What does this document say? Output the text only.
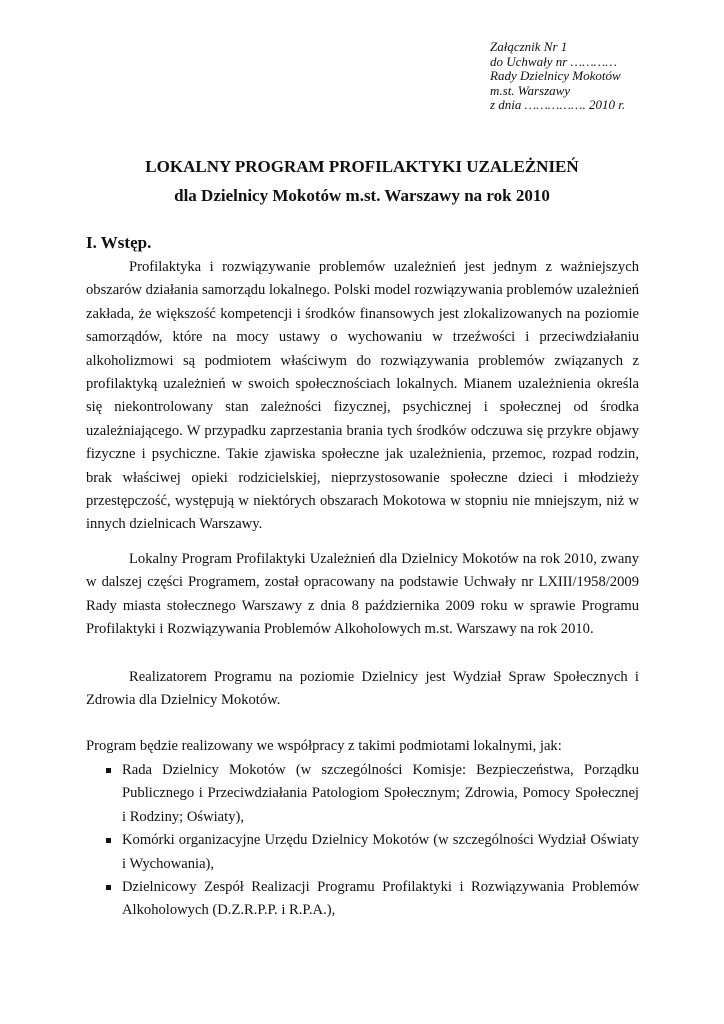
Załącznik Nr 1
do Uchwały nr …………
Rady Dzielnicy Mokotów
m.st. Warszawy
z dnia ……………. 2010 r.
LOKALNY PROGRAM PROFILAKTYKI UZALEŻNIEŃ
dla Dzielnicy Mokotów m.st. Warszawy na rok 2010
I. Wstęp.

Profilaktyka i rozwiązywanie problemów uzależnień jest jednym z ważniejszych obszarów działania samorządu lokalnego. Polski model rozwiązywania problemów uzależnień zakłada, że większość kompetencji i środków finansowych jest zlokalizowanych na poziomie samorządów, które na mocy ustawy o wychowaniu w trzeźwości i przeciwdziałaniu alkoholizmowi są podmiotem właściwym do rozwiązywania problemów związanych z profilaktyką uzależnień w swoich społecznościach lokalnych. Mianem uzależnienia określa się niekontrolowany stan zależności fizycznej, psychicznej i społecznej od środka uzależniającego. W przypadku zaprzestania brania tych środków odczuwa się przykre objawy fizyczne i psychiczne. Takie zjawiska społeczne jak uzależnienia, przemoc, rozpad rodzin, brak właściwej opieki rodzicielskiej, nieprzystosowanie społeczne dzieci i młodzieży przestępczość, występują w niektórych obszarach Mokotowa w stopniu nie mniejszym, niż w innych dzielnicach Warszawy.

Lokalny Program Profilaktyki Uzależnień dla Dzielnicy Mokotów na rok 2010, zwany w dalszej części Programem, został opracowany na podstawie Uchwały nr LXIII/1958/2009 Rady miasta stołecznego Warszawy z dnia 8 października 2009 roku w sprawie Programu Profilaktyki i Rozwiązywania Problemów Alkoholowych m.st. Warszawy na rok 2010.

Realizatorem Programu na poziomie Dzielnicy jest Wydział Spraw Społecznych i Zdrowia dla Dzielnicy Mokotów.

Program będzie realizowany we współpracy z takimi podmiotami lokalnymi, jak:

Rada Dzielnicy Mokotów (w szczególności Komisje: Bezpieczeństwa, Porządku Publicznego i Przeciwdziałania Patologiom Społecznym; Zdrowia, Pomocy Społecznej i Rodziny; Oświaty),
Komórki organizacyjne Urzędu Dzielnicy Mokotów (w szczególności Wydział Oświaty i Wychowania),
Dzielnicowy Zespół Realizacji Programu Profilaktyki i Rozwiązywania Problemów Alkoholowych (D.Z.R.P.P. i R.P.A.),
